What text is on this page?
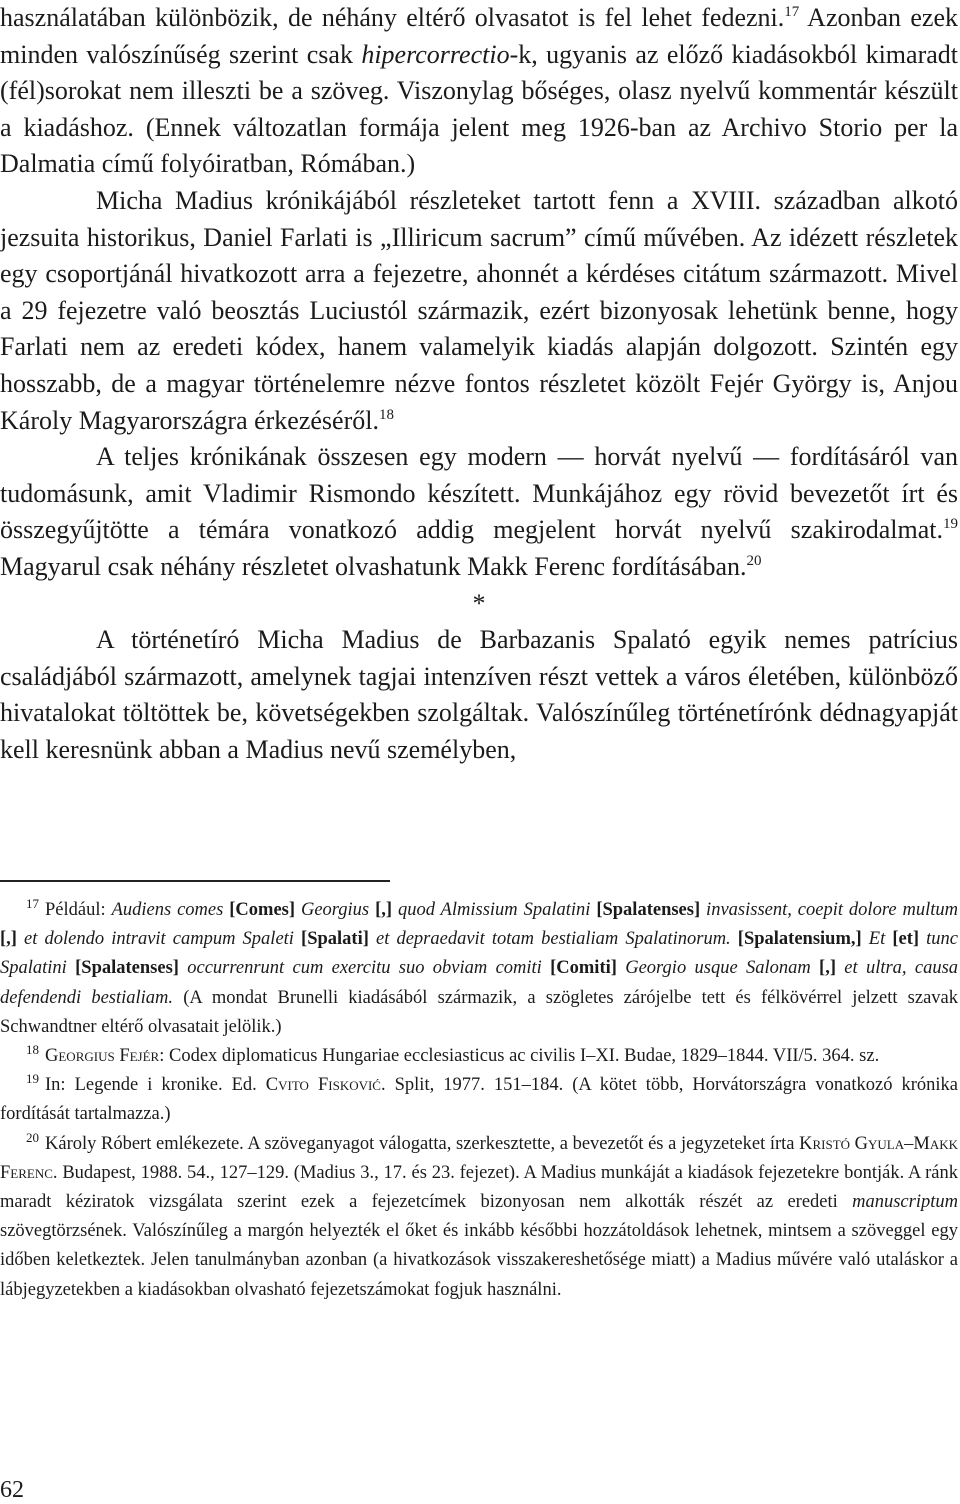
használatában különbözik, de néhány eltérő olvasatot is fel lehet fedezni.$^{17}$ Azonban ezek minden valószínűség szerint csak hipercorrectio-k, ugyanis az előző kiadásokból kimaradt (fél)sorokat nem illeszti be a szöveg. Viszonylag bőséges, olasz nyelvű kommentár készült a kiadáshoz. (Ennek változatlan formája jelent meg 1926-ban az Archivo Storio per la Dalmatia című folyóiratban, Rómában.)

Micha Madius krónikájából részleteket tartott fenn a XVIII. században alkotó jezsuita historikus, Daniel Farlati is „Illiricum sacrum” című művében. Az idézett részletek egy csoportjánál hivatkozott arra a fejezetre, ahonnét a kérdéses citátum származott. Mivel a 29 fejezetre való beosztás Luciustól származik, ezért bizonyosak lehetünk benne, hogy Farlati nem az eredeti kódex, hanem valamelyik kiadás alapján dolgozott. Szintén egy hosszabb, de a magyar történelemre nézve fontos részletet közölt Fejér György is, Anjou Károly Magyarországra érkezéséről.$^{18}$

A teljes krónikának összesen egy modern — horvát nyelvű — fordításáról van tudomásunk, amit Vladimir Rismondo készített. Munkájához egy rövid bevezetőt írt és összegyűjtötte a témára vonatkozó addig megjelent horvát nyelvű szakirodalmat.$^{19}$ Magyarul csak néhány részletet olvashatunk Makk Ferenc fordításában.$^{20}$

*

A történetíró Micha Madius de Barbazanis Spalató egyik nemes patrícius családjából származott, amelynek tagjai intenzíven részt vettek a város életében, különböző hivatalokat töltöttek be, követségekben szolgáltak. Valószínűleg történetírónk dédnagyapját kell keresnünk abban a Madius nevű személyben,

$^{17}$ Például: Audiens comes [Comes] Georgius [,] quod Almissium Spalatini [Spalatenses] invasissent, coepit dolore multum [,] et dolendo intravit campum Spaleti [Spalati] et depraedavit totam bestialiam Spalatinorum. [Spalatensium,] Et [et] tunc Spalatini [Spalatenses] occurrenrunt cum exercitu suo obviam comiti [Comiti] Georgio usque Salonam [,] et ultra, causa defendendi bestialiam. (A mondat Brunelli kiadásából származik, a szögletes zárójelbe tett és félkövérrel jelzett szavak Schwandtner eltérő olvasatait jelölik.)

$^{18}$ Georgius Fejér: Codex diplomaticus Hungariae ecclesiasticus ac civilis I–XI. Budae, 1829–1844. VII/5. 364. sz.

$^{19}$ In: Legende i kronike. Ed. Cvito Fisković. Split, 1977. 151–184. (A kötet több, Horvátországra vonatkozó krónika fordítását tartalmazza.)

$^{20}$ Károly Róbert emlékezete. A szöveganyagot válogatta, szerkesztette, a bevezetőt és a jegyzeteket írta Kristó Gyula–Makk Ferenc. Budapest, 1988. 54., 127–129. (Madius 3., 17. és 23. fejezet). A Madius munkáját a kiadások fejezetekre bontják. A ránk maradt kéziratok vizsgálata szerint ezek a fejezetcímek bizonyosan nem alkották részét az eredeti manuscriptum szövegtörzsének. Valószínűleg a margón helyezték el őket és inkább későbbi hozzátoldások lehetnek, mintsem a szöveggel egy időben keletkeztek. Jelen tanulmányban azonban (a hivatkozások visszakereshetősége miatt) a Madius művére való utaláskor a lábjegyzetekben a kiadásokban olvasható fejezetszámokat fogjuk használni.

62
